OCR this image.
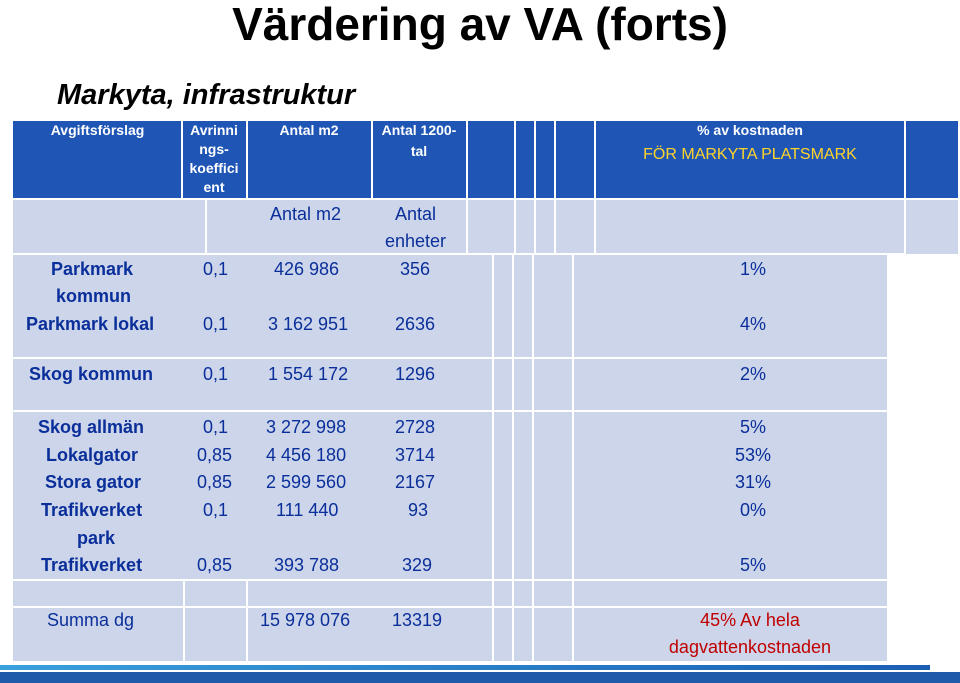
Värdering av VA (forts)
Markyta, infrastruktur
Avgiftsförslag	Avrinni
ngs-
koeffici
ent
Antal m2	Antal 1200-
tal
% av kostnaden
FÖR MARKYTA PLATSMARK
Antal m2	Antal
enheter
Parkmark
kommun
0,1	426 986	356	1%
Parkmark lokal	0,1 3 162 951	2636	4%
Skog kommun	0,1 1 554 172	1296	2%
Skog allmän	0,1 3 272 998	2728	5%
Lokalgator	0,85 4 456 180	3714	53%
Stora gator	0,85 2 599 560	2167	31%
Trafikverket
park
0,1	111 440	93	0%
Trafikverket	0,85 393 788	329	5%
Summa dg	15 978 076 13319	45% Av hela
dagvattenkostnaden
